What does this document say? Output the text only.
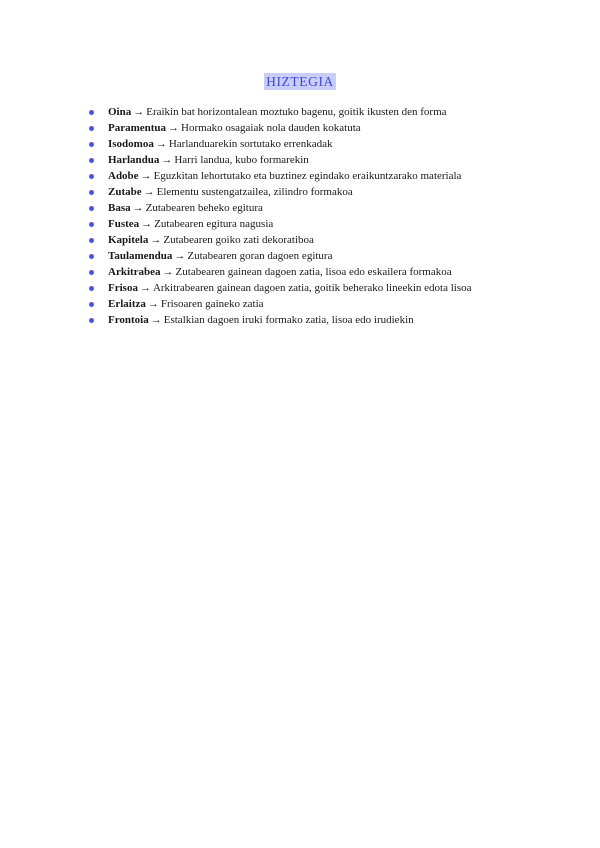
HIZTEGIA
Oina → Eraikin bat horizontalean moztuko bagenu, goitik ikusten den forma
Paramentua → Hormako osagaiak nola dauden kokatuta
Isodomoa → Harlanduarekin sortutako errenkadak
Harlandua → Harri landua, kubo formarekin
Adobe → Eguzkitan lehortutako eta buztinez egindako eraikuntzarako materiala
Zutabe → Elementu sustengatzailea, zilindro formakoa
Basa → Zutabearen beheko egitura
Fustea → Zutabearen egitura nagusia
Kapitela → Zutabearen goiko zati dekoratiboa
Taulamendua → Zutabearen goran dagoen egitura
Arkitrabea → Zutabearen gainean dagoen zatia, lisoa edo eskailera formakoa
Frisoa → Arkitrabearen gainean dagoen zatia, goitik beherako lineekin edota lisoa
Erlaitza → Frisoaren gaineko zatia
Frontoia → Estalkian dagoen iruki formako zatia, lisoa edo irudiekin
